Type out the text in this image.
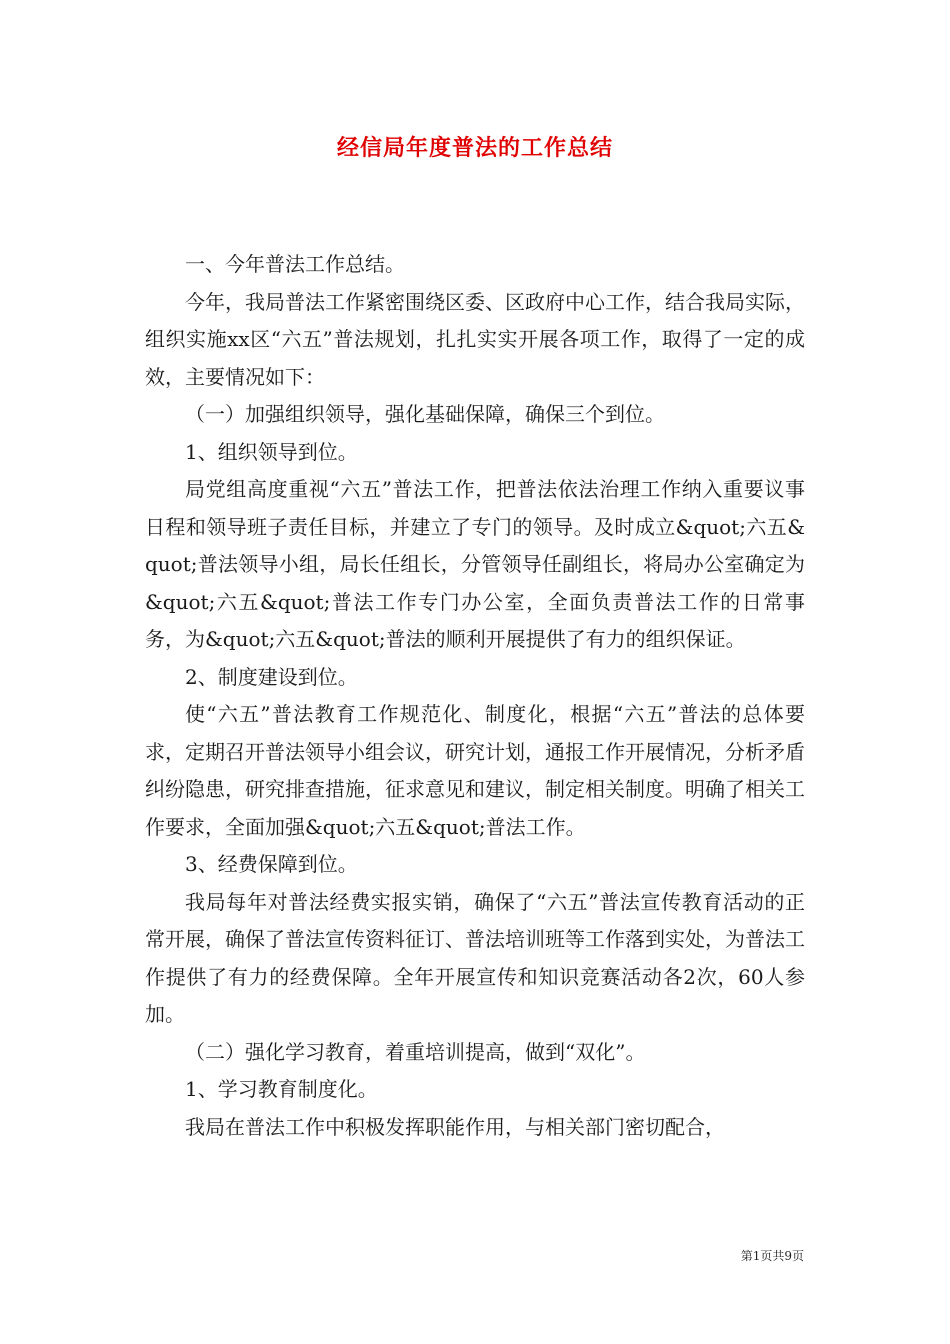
经信局年度普法的工作总结

一、今年普法工作总结。

今年，我局普法工作紧密围绕区委、区政府中心工作，结合我局实际，组织实施xx区“六五”普法规划，扎扎实实开展各项工作，取得了一定的成效，主要情况如下：

（一）加强组织领导，强化基础保障，确保三个到位。

1、组织领导到位。

局党组高度重视“六五”普法工作，把普法依法治理工作纳入重要议事日程和领导班子责任目标，并建立了专门的领导。及时成立&quot;六五&quot;普法领导小组，局长任组长，分管领导任副组长，将局办公室确定为&quot;六五&quot;普法工作专门办公室，全面负责普法工作的日常事务，为&quot;六五&quot;普法的顺利开展提供了有力的组织保证。

2、制度建设到位。

使“六五”普法教育工作规范化、制度化，根据“六五”普法的总体要求，定期召开普法领导小组会议，研究计划，通报工作开展情况，分析矛盾纠纷隐患，研究排查措施，征求意见和建议，制定相关制度。明确了相关工作要求，全面加强&quot;六五&quot;普法工作。

3、经费保障到位。

我局每年对普法经费实报实销，确保了“六五”普法宣传教育活动的正常开展，确保了普法宣传资料征订、普法培训班等工作落到实处，为普法工作提供了有力的经费保障。全年开展宣传和知识竞赛活动各2次，60人参加。

（二）强化学习教育，着重培训提高，做到“双化”。

1、学习教育制度化。

我局在普法工作中积极发挥职能作用，与相关部门密切配合，

第1页共9页
